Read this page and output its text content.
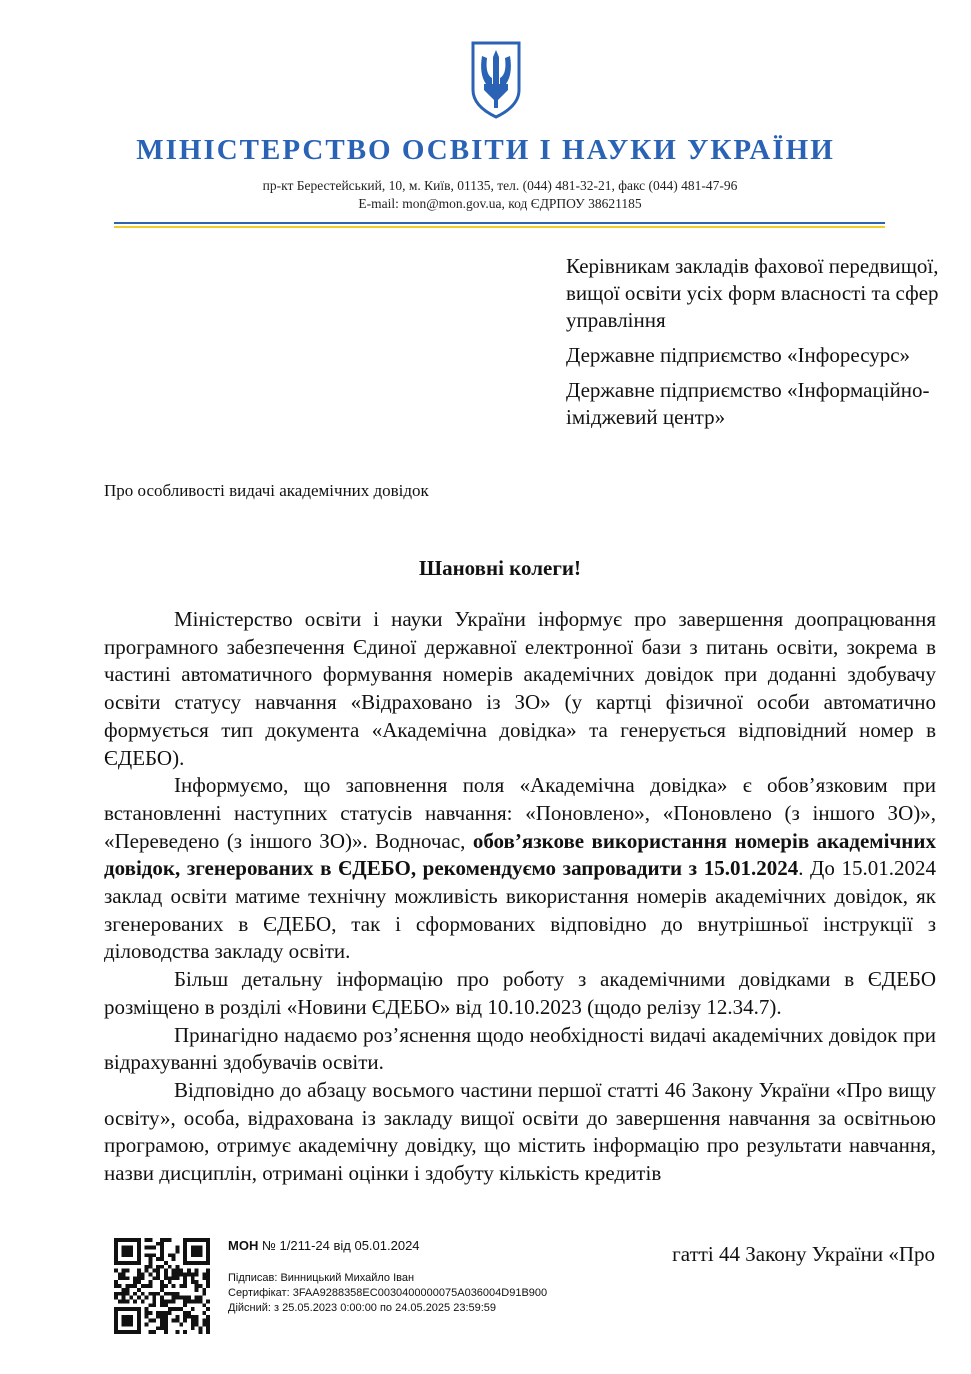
МІНІСТЕРСТВО ОСВІТИ І НАУКИ УКРАЇНИ
пр-кт Берестейський, 10, м. Київ, 01135, тел. (044) 481-32-21, факс (044) 481-47-96
E-mail: mon@mon.gov.ua, код ЄДРПОУ 38621185
Керівникам закладів фахової передвищої, вищої освіти усіх форм власності та сфер управління
Державне підприємство «Інфоресурс»
Державне підприємство «Інформаційно-іміджевий центр»
Про особливості видачі академічних довідок
Шановні колеги!

Міністерство освіти і науки України інформує про завершення доопрацювання програмного забезпечення Єдиної державної електронної бази з питань освіти, зокрема в частині автоматичного формування номерів академічних довідок при доданні здобувачу освіти статусу навчання «Відраховано із ЗО» (у картці фізичної особи автоматично формується тип документа «Академічна довідка» та генерується відповідний номер в ЄДЕБО).

Інформуємо, що заповнення поля «Академічна довідка» є обов’язковим при встановленні наступних статусів навчання: «Поновлено», «Поновлено (з іншого ЗО)», «Переведено (з іншого ЗО)». Водночас, обов’язкове використання номерів академічних довідок, згенерованих в ЄДЕБО, рекомендуємо запровадити з 15.01.2024. До 15.01.2024 заклад освіти матиме технічну можливість використання номерів академічних довідок, як згенерованих в ЄДЕБО, так і сформованих відповідно до внутрішньої інструкції з діловодства закладу освіти.

Більш детальну інформацію про роботу з академічними довідками в ЄДЕБО розміщено в розділі «Новини ЄДЕБО» від 10.10.2023 (щодо релізу 12.34.7).

Принагідно надаємо роз’яснення щодо необхідності видачі академічних довідок при відрахуванні здобувачів освіти.

Відповідно до абзацу восьмого частини першої статті 46 Закону України «Про вищу освіту», особа, відрахована із закладу вищої освіти до завершення навчання за освітньою програмою, отримує академічну довідку, що містить інформацію про результати навчання, назви дисциплін, отримані оцінки і здобуту кількість кредитів

гатті 44 Закону України «Про
МОН № 1/211-24 від 05.01.2024
Підписав: Винницький Михайло Іван
Сертифікат: 3FAA9288358EC0030400000075A036004D91B900
Дійсний: з 25.05.2023 0:00:00 по 24.05.2025 23:59:59
